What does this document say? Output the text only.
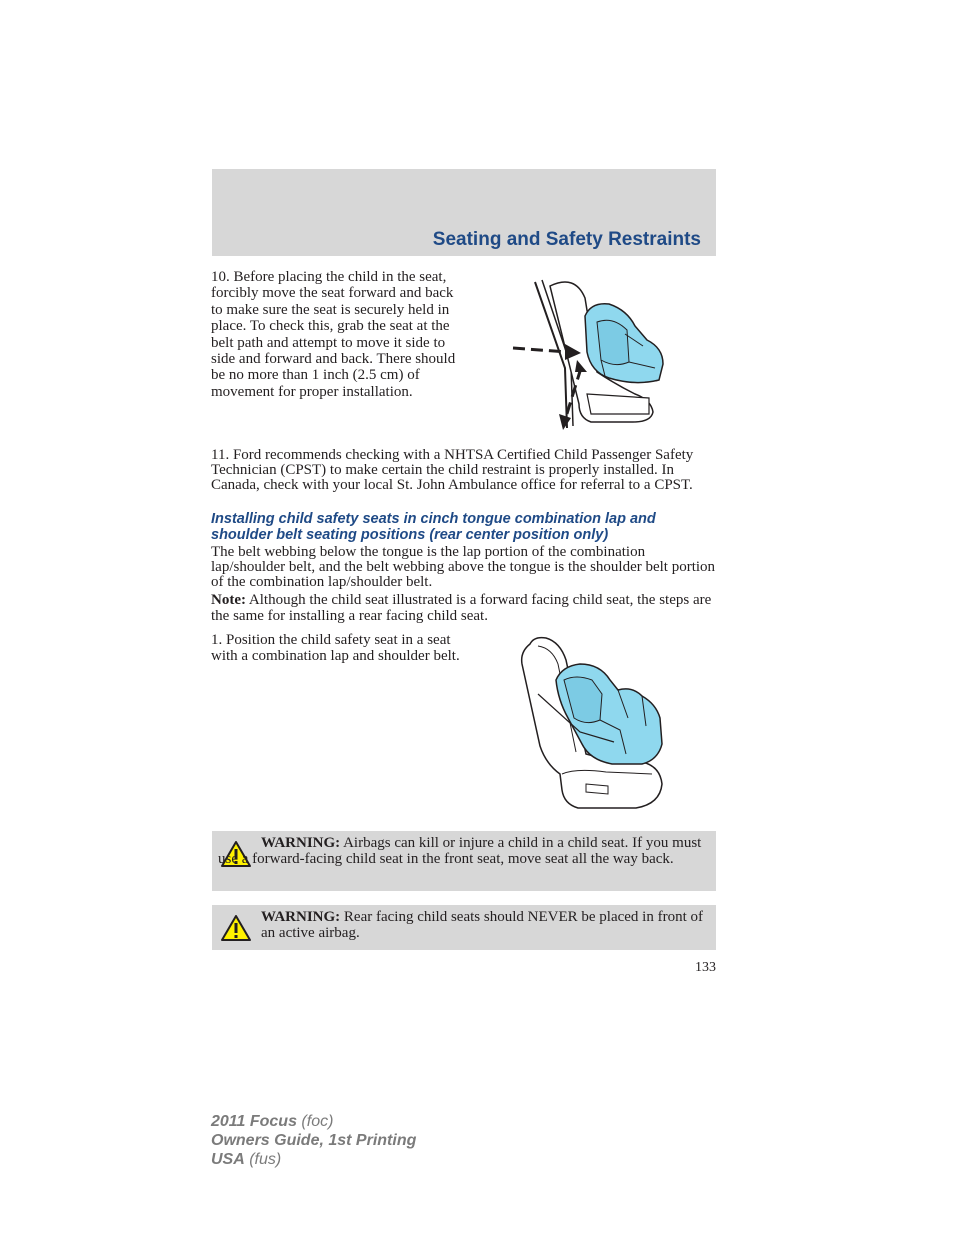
Seating and Safety Restraints

10. Before placing the child in the seat, forcibly move the seat forward and back to make sure the seat is securely held in place. To check this, grab the seat at the belt path and attempt to move it side to side and forward and back. There should be no more than 1 inch (2.5 cm) of movement for proper installation.

11. Ford recommends checking with a NHTSA Certified Child Passenger Safety Technician (CPST) to make certain the child restraint is properly installed. In Canada, check with your local St. John Ambulance office for referral to a CPST.

Installing child safety seats in cinch tongue combination lap and shoulder belt seating positions (rear center position only)

The belt webbing below the tongue is the lap portion of the combination lap/shoulder belt, and the belt webbing above the tongue is the shoulder belt portion of the combination lap/shoulder belt.

Note: Although the child seat illustrated is a forward facing child seat, the steps are the same for installing a rear facing child seat.

1. Position the child safety seat in a seat with a combination lap and shoulder belt.

WARNING: Airbags can kill or injure a child in a child seat. If you must use a forward-facing child seat in the front seat, move seat all the way back.

WARNING: Rear facing child seats should NEVER be placed in front of an active airbag.

133
2011 Focus (foc)
Owners Guide, 1st Printing
USA (fus)
